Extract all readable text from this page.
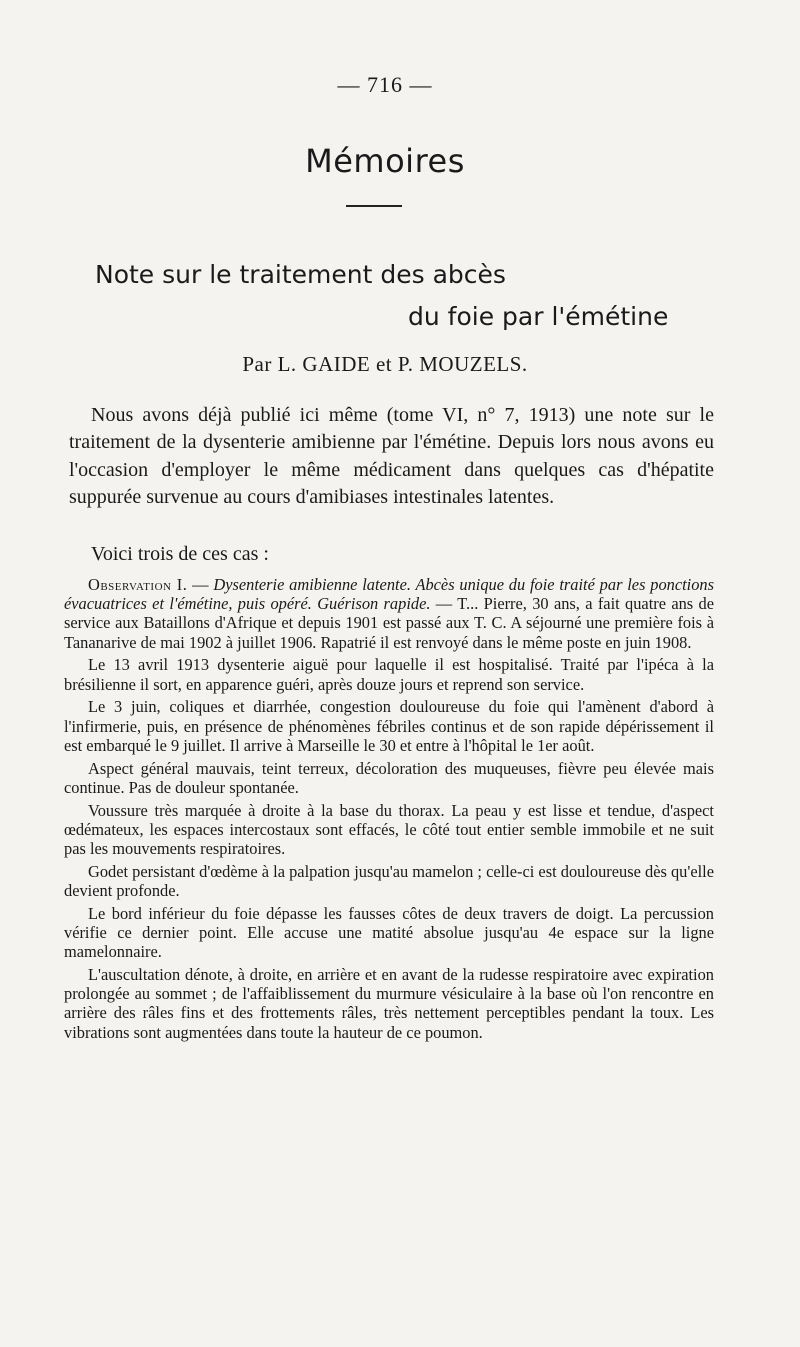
— 716 —
Mémoires
Note sur le traitement des abcès
du foie par l'émétine
Par L. GAIDE et P. MOUZELS.

Nous avons déjà publié ici même (tome VI, n° 7, 1913) une note sur le traitement de la dysenterie amibienne par l'émétine. Depuis lors nous avons eu l'occasion d'employer le même médicament dans quelques cas d'hépatite suppurée survenue au cours d'amibiases intestinales latentes.

Voici trois de ces cas :

Observation I. — Dysenterie amibienne latente. Abcès unique du foie traité par les ponctions évacuatrices et l'émétine, puis opéré. Guérison rapide. — T... Pierre, 30 ans, a fait quatre ans de service aux Bataillons d'Afrique et depuis 1901 est passé aux T. C. A séjourné une première fois à Tananarive de mai 1902 à juillet 1906. Rapatrié il est renvoyé dans le même poste en juin 1908.

Le 13 avril 1913 dysenterie aiguë pour laquelle il est hospitalisé. Traité par l'ipéca à la brésilienne il sort, en apparence guéri, après douze jours et reprend son service.

Le 3 juin, coliques et diarrhée, congestion douloureuse du foie qui l'amènent d'abord à l'infirmerie, puis, en présence de phénomènes fébriles continus et de son rapide dépérissement il est embarqué le 9 juillet. Il arrive à Marseille le 30 et entre à l'hôpital le 1er août.

Aspect général mauvais, teint terreux, décoloration des muqueuses, fièvre peu élevée mais continue. Pas de douleur spontanée.

Voussure très marquée à droite à la base du thorax. La peau y est lisse et tendue, d'aspect œdémateux, les espaces intercostaux sont effacés, le côté tout entier semble immobile et ne suit pas les mouvements respiratoires.

Godet persistant d'œdème à la palpation jusqu'au mamelon ; celle-ci est douloureuse dès qu'elle devient profonde.

Le bord inférieur du foie dépasse les fausses côtes de deux travers de doigt. La percussion vérifie ce dernier point. Elle accuse une matité absolue jusqu'au 4e espace sur la ligne mamelonnaire.

L'auscultation dénote, à droite, en arrière et en avant de la rudesse respiratoire avec expiration prolongée au sommet ; de l'affaiblissement du murmure vésiculaire à la base où l'on rencontre en arrière des râles fins et des frottements râles, très nettement perceptibles pendant la toux. Les vibrations sont augmentées dans toute la hauteur de ce poumon.
